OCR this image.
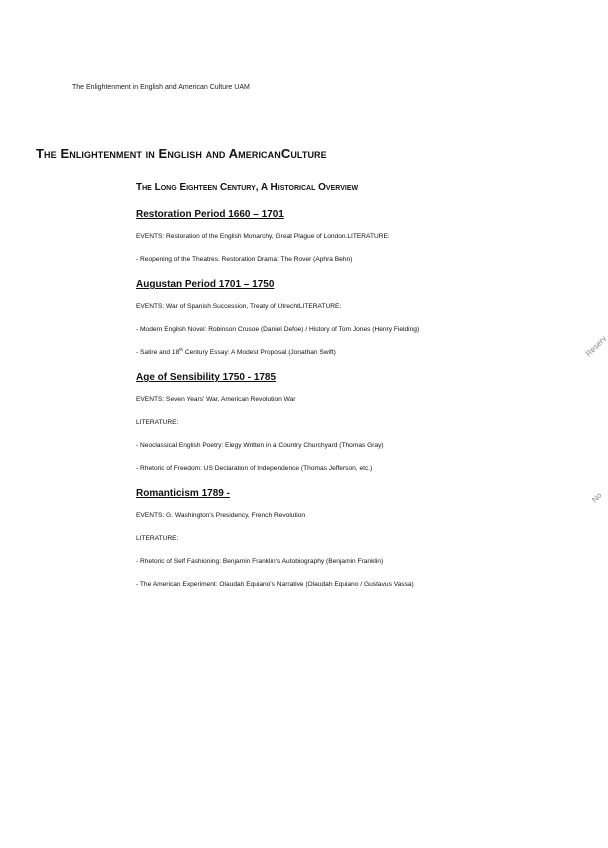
The Enlightenment in English and American Culture UAM
The Enlightenment in English and AmericanCulture
The Long Eighteen Century, A Historical Overview
Restoration Period 1660 – 1701
EVENTS: Restoration of the English Monarchy, Great Plague of London.LITERATURE:
- Reopening of the Theatres. Restoration Drama: The Rover (Aphra Behn)
Augustan Period 1701 – 1750
EVENTS: War of Spanish Succession, Treaty of UtrechtLITERATURE:
- Modern English Novel: Robinson Crusoe (Daniel Defoe) / History of Tom Jones (Henry Fielding)
- Satire and 18th Century Essay: A Modest Proposal (Jonathan Swift)
Age of Sensibility 1750 - 1785
EVENTS: Seven Years' War, American Revolution War
LITERATURE:
- Neoclassical English Poetry: Elegy Written in a Country Churchyard (Thomas Gray)
- Rhetoric of Freedom: US Declaration of Independence (Thomas Jefferson, etc.)
Romanticism 1789 -
EVENTS: G. Washington's Presidency, French Revolution
LITERATURE:
- Rhetoric of Self Fashioning: Benjamin Franklin's Autobiography (Benjamin Franklin)
- The American Experiment: Olaudah Equiano's Narrative (Olaudah Equiano / Gustavus Vassa)
Reserv
No
